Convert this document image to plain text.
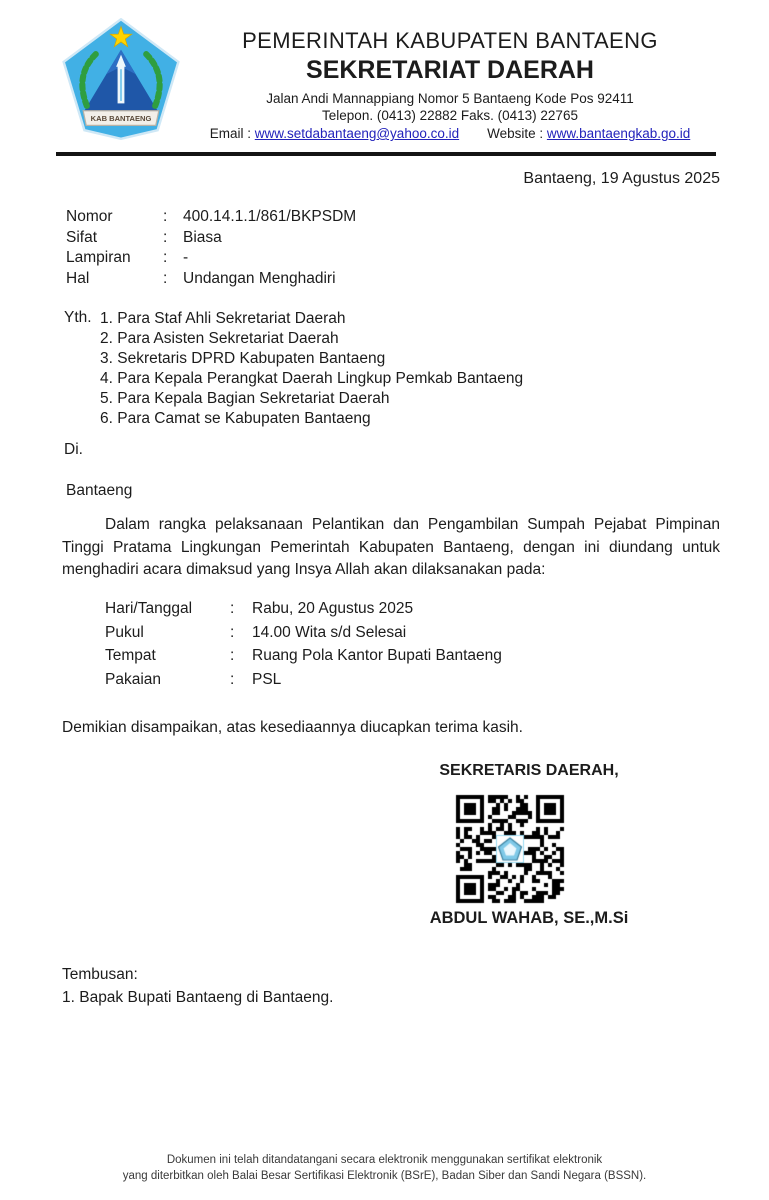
KAB BANTAENG
PEMERINTAH KABUPATEN BANTAENG
SEKRETARIAT DAERAH
Jalan Andi Mannappiang Nomor 5 Bantaeng Kode Pos 92411
Telepon. (0413) 22882 Faks. (0413) 22765
Email : www.setdabantaeng@yahoo.co.id Website : www.bantaengkab.go.id
Bantaeng, 19 Agustus 2025
Nomor	:	400.14.1.1/861/BKPSDM
Sifat	:	Biasa
Lampiran	:	-
Hal	:	Undangan Menghadiri
Yth. 1. Para Staf Ahli Sekretariat Daerah
2. Para Asisten Sekretariat Daerah
3. Sekretaris DPRD Kabupaten Bantaeng
4. Para Kepala Perangkat Daerah Lingkup Pemkab Bantaeng
5. Para Kepala Bagian Sekretariat Daerah
6. Para Camat se Kabupaten Bantaeng
Di.
Bantaeng
Dalam rangka pelaksanaan Pelantikan dan Pengambilan Sumpah Pejabat Pimpinan Tinggi Pratama Lingkungan Pemerintah Kabupaten Bantaeng, dengan ini diundang untuk menghadiri acara dimaksud yang Insya Allah akan dilaksanakan pada:
Hari/Tanggal	:	Rabu, 20 Agustus 2025
Pukul	:	14.00 Wita s/d Selesai
Tempat	:	Ruang Pola Kantor Bupati Bantaeng
Pakaian	:	PSL
Demikian disampaikan, atas kesediaannya diucapkan terima kasih.
SEKRETARIS DAERAH,
ABDUL WAHAB, SE.,M.Si
Tembusan:
1. Bapak Bupati Bantaeng di Bantaeng.
Dokumen ini telah ditandatangani secara elektronik menggunakan sertifikat elektronik
yang diterbitkan oleh Balai Besar Sertifikasi Elektronik (BSrE), Badan Siber dan Sandi Negara (BSSN).
